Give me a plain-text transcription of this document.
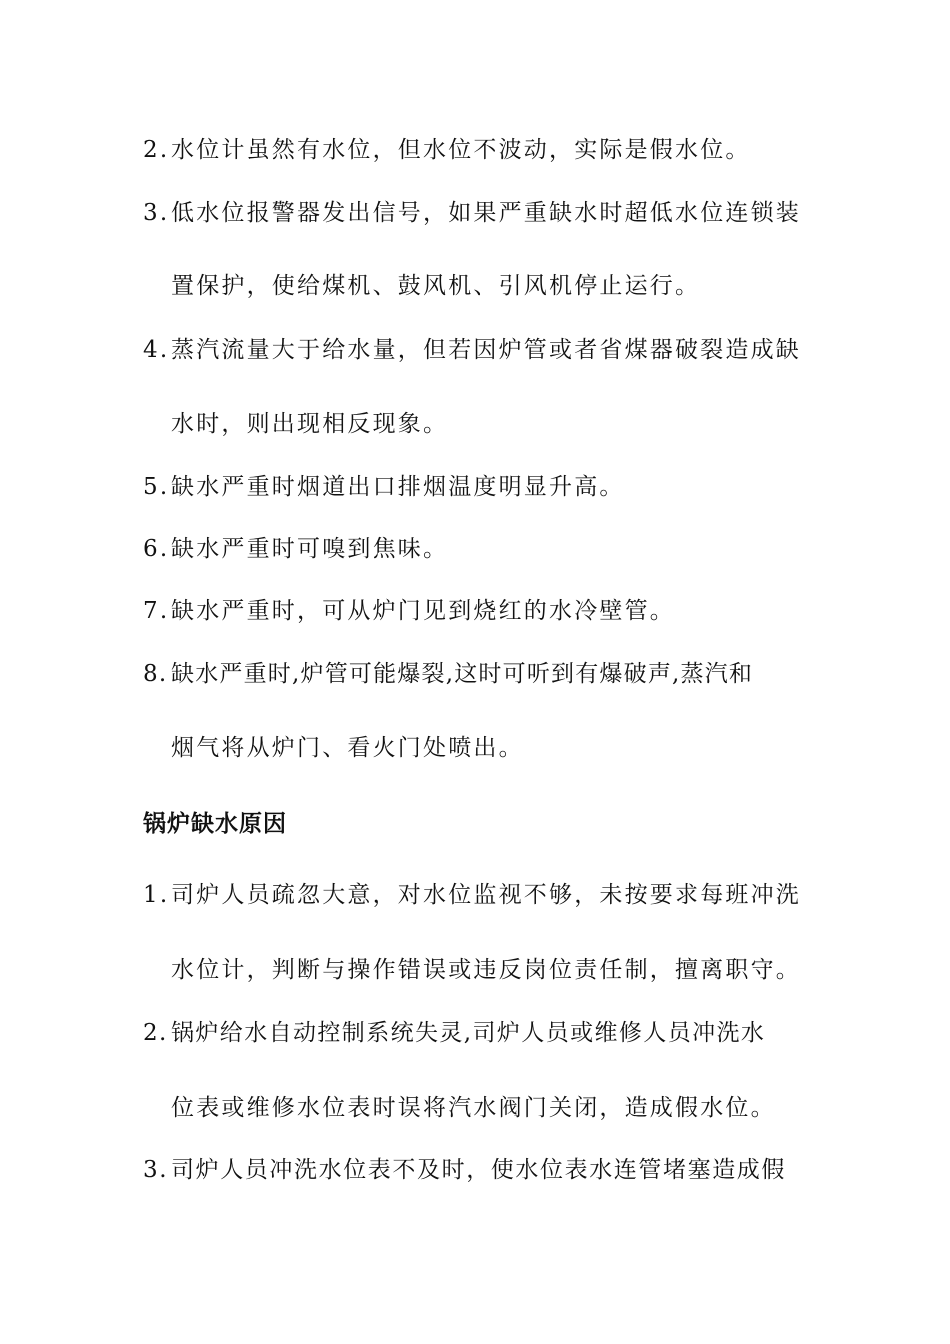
2.水位计虽然有水位，但水位不波动，实际是假水位。
3.低水位报警器发出信号，如果严重缺水时超低水位连锁装
置保护，使给煤机、鼓风机、引风机停止运行。
4.蒸汽流量大于给水量，但若因炉管或者省煤器破裂造成缺
水时，则出现相反现象。
5.缺水严重时烟道出口排烟温度明显升高。
6.缺水严重时可嗅到焦味。
7.缺水严重时，可从炉门见到烧红的水冷壁管。
8. 缺水严重时,炉管可能爆裂,这时可听到有爆破声,蒸汽和
烟气将从炉门、看火门处喷出。
锅炉缺水原因
1.司炉人员疏忽大意，对水位监视不够，未按要求每班冲洗
水位计，判断与操作错误或违反岗位责任制，擅离职守。
2. 锅炉给水自动控制系统失灵,司炉人员或维修人员冲洗水
位表或维修水位表时误将汽水阀门关闭，造成假水位。
3. 司炉人员冲洗水位表不及时，使水位表水连管堵塞造成假
